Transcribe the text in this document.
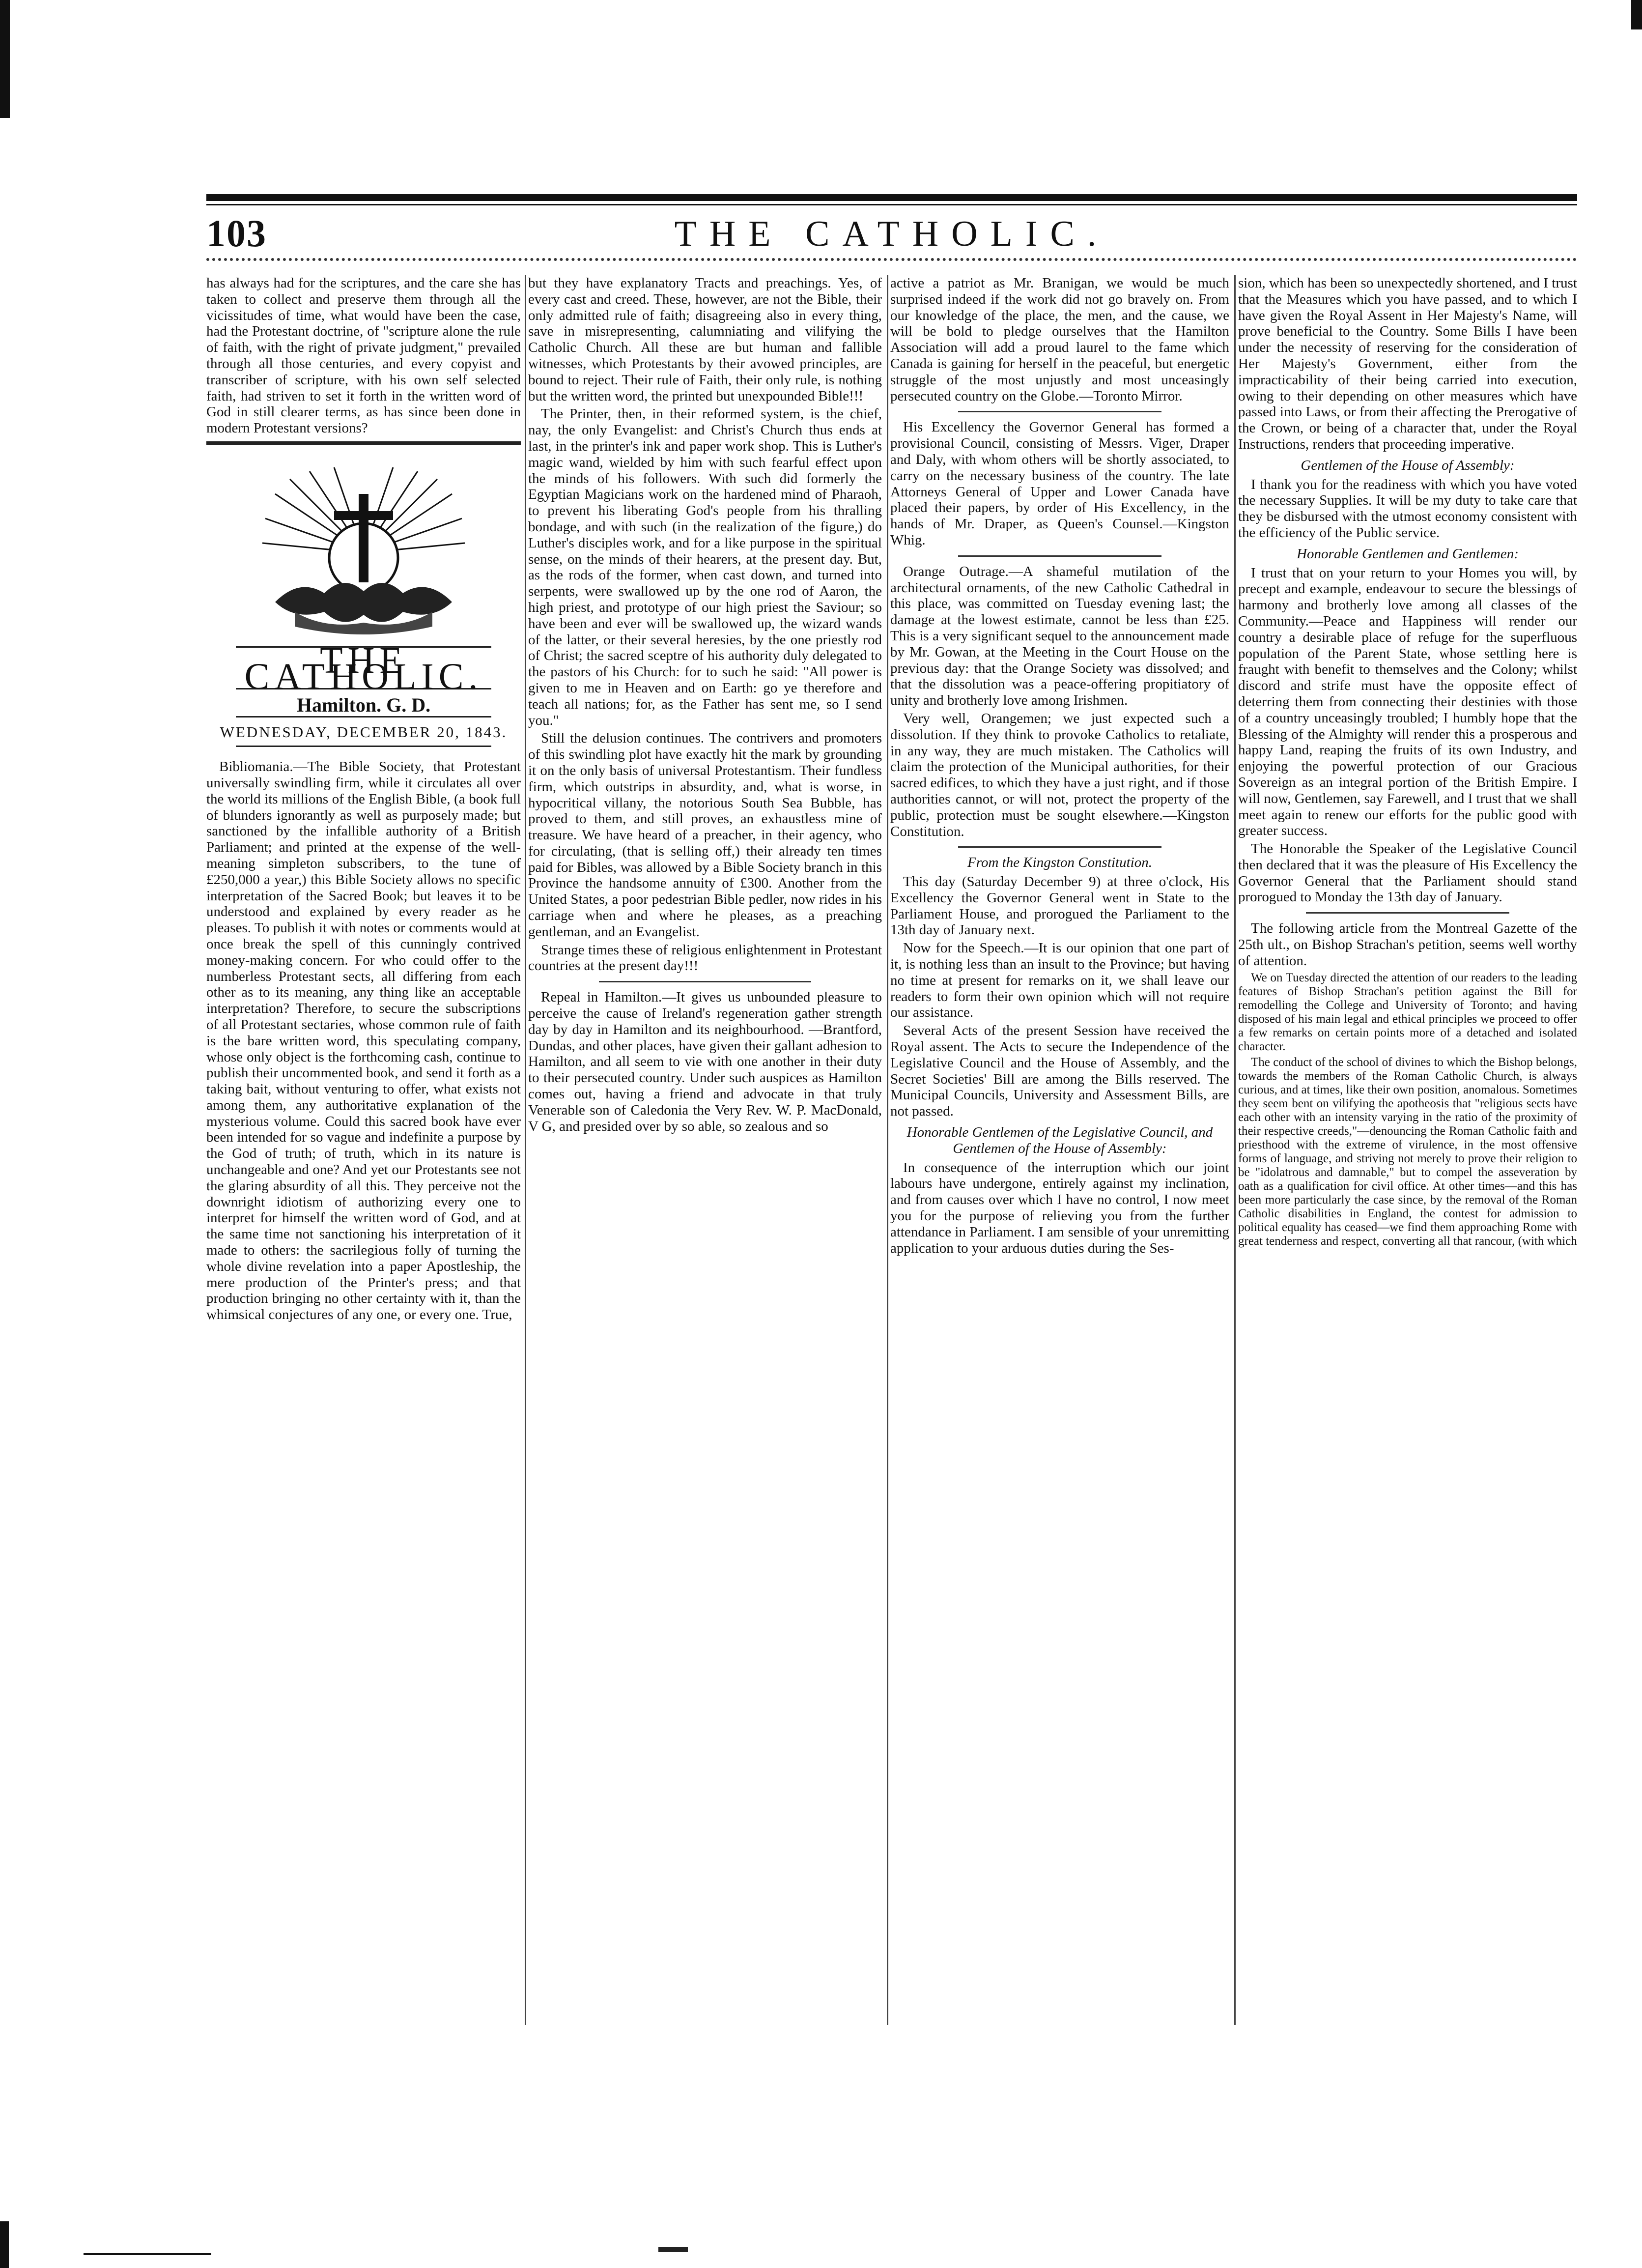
103	THE CATHOLIC.

has always had for the scriptures, and the care she has taken to collect and preserve them through all the vicissitudes of time, what would have been the case, had the Protestant doctrine, of "scripture alone the rule of faith, with the right of private judgment," prevailed through all those centuries, and every copyist and transcriber of scripture, with his own self selected faith, had striven to set it forth in the written word of God in still clearer terms, as has since been done in modern Protestant versions?

THE CATHOLIC.
Hamilton. G. D.
WEDNESDAY, DECEMBER 20, 1843.

Bibliomania.—The Bible Society, that Protestant universally swindling firm, while it circulates all over the world its millions of the English Bible, (a book full of blunders ignorantly as well as purposely made; but sanctioned by the infallible authority of a British Parliament; and printed at the expense of the well-meaning simpleton subscribers, to the tune of £250,000 a year,) this Bible Society allows no specific interpretation of the Sacred Book; but leaves it to be understood and explained by every reader as he pleases. To publish it with notes or comments would at once break the spell of this cunningly contrived money-making concern. For who could offer to the numberless Protestant sects, all differing from each other as to its meaning, any thing like an acceptable interpretation? Therefore, to secure the subscriptions of all Protestant sectaries, whose common rule of faith is the bare written word, this speculating company, whose only object is the forthcoming cash, continue to publish their uncommented book, and send it forth as a taking bait, without venturing to offer, what exists not among them, any authoritative explanation of the mysterious volume. Could this sacred book have ever been intended for so vague and indefinite a purpose by the God of truth; of truth, which in its nature is unchangeable and one? And yet our Protestants see not the glaring absurdity of all this. They perceive not the downright idiotism of authorizing every one to interpret for himself the written word of God, and at the same time not sanctioning his interpretation of it made to others: the sacrilegious folly of turning the whole divine revelation into a paper Apostleship, the mere production of the Printer's press; and that production bringing no other certainty with it, than the whimsical conjectures of any one, or every one. True,

but they have explanatory Tracts and preachings. Yes, of every cast and creed. These, however, are not the Bible, their only admitted rule of faith; disagreeing also in every thing, save in misrepresenting, calumniating and vilifying the Catholic Church. All these are but human and fallible witnesses, which Protestants by their avowed principles, are bound to reject. Their rule of Faith, their only rule, is nothing but the written word, the printed but unexpounded Bible!!!

The Printer, then, in their reformed system, is the chief, nay, the only Evangelist: and Christ's Church thus ends at last, in the printer's ink and paper work shop. This is Luther's magic wand, wielded by him with such fearful effect upon the minds of his followers. With such did formerly the Egyptian Magicians work on the hardened mind of Pharaoh, to prevent his liberating God's people from his thralling bondage, and with such (in the realization of the figure,) do Luther's disciples work, and for a like purpose in the spiritual sense, on the minds of their hearers, at the present day. But, as the rods of the former, when cast down, and turned into serpents, were swallowed up by the one rod of Aaron, the high priest, and prototype of our high priest the Saviour; so have been and ever will be swallowed up, the wizard wands of the latter, or their several heresies, by the one priestly rod of Christ; the sacred sceptre of his authority duly delegated to the pastors of his Church: for to such he said: "All power is given to me in Heaven and on Earth: go ye therefore and teach all nations; for, as the Father has sent me, so I send you."

Still the delusion continues. The contrivers and promoters of this swindling plot have exactly hit the mark by grounding it on the only basis of universal Protestantism. Their fundless firm, which outstrips in absurdity, and, what is worse, in hypocritical villany, the notorious South Sea Bubble, has proved to them, and still proves, an exhaustless mine of treasure. We have heard of a preacher, in their agency, who for circulating, (that is selling off,) their already ten times paid for Bibles, was allowed by a Bible Society branch in this Province the handsome annuity of £300. Another from the United States, a poor pedestrian Bible pedler, now rides in his carriage when and where he pleases, as a preaching gentleman, and an Evangelist.

Strange times these of religious enlightenment in Protestant countries at the present day!!!

Repeal in Hamilton.—It gives us unbounded pleasure to perceive the cause of Ireland's regeneration gather strength day by day in Hamilton and its neighbourhood. —Brantford, Dundas, and other places, have given their gallant adhesion to Hamilton, and all seem to vie with one another in their duty to their persecuted country. Under such auspices as Hamilton comes out, having a friend and advocate in that truly Venerable son of Caledonia the Very Rev. W. P. MacDonald, V G, and presided over by so able, so zealous and so

active a patriot as Mr. Branigan, we would be much surprised indeed if the work did not go bravely on. From our knowledge of the place, the men, and the cause, we will be bold to pledge ourselves that the Hamilton Association will add a proud laurel to the fame which Canada is gaining for herself in the peaceful, but energetic struggle of the most unjustly and most unceasingly persecuted country on the Globe.—Toronto Mirror.

His Excellency the Governor General has formed a provisional Council, consisting of Messrs. Viger, Draper and Daly, with whom others will be shortly associated, to carry on the necessary business of the country. The late Attorneys General of Upper and Lower Canada have placed their papers, by order of His Excellency, in the hands of Mr. Draper, as Queen's Counsel.—Kingston Whig.

Orange Outrage.—A shameful mutilation of the architectural ornaments, of the new Catholic Cathedral in this place, was committed on Tuesday evening last; the damage at the lowest estimate, cannot be less than £25. This is a very significant sequel to the announcement made by Mr. Gowan, at the Meeting in the Court House on the previous day: that the Orange Society was dissolved; and that the dissolution was a peace-offering propitiatory of unity and brotherly love among Irishmen.

Very well, Orangemen; we just expected such a dissolution. If they think to provoke Catholics to retaliate, in any way, they are much mistaken. The Catholics will claim the protection of the Municipal authorities, for their sacred edifices, to which they have a just right, and if those authorities cannot, or will not, protect the property of the public, protection must be sought elsewhere.—Kingston Constitution.

From the Kingston Constitution.

This day (Saturday December 9) at three o'clock, His Excellency the Governor General went in State to the Parliament House, and prorogued the Parliament to the 13th day of January next.

Now for the Speech.—It is our opinion that one part of it, is nothing less than an insult to the Province; but having no time at present for remarks on it, we shall leave our readers to form their own opinion which will not require our assistance.

Several Acts of the present Session have received the Royal assent. The Acts to secure the Independence of the Legislative Council and the House of Assembly, and the Secret Societies' Bill are among the Bills reserved. The Municipal Councils, University and Assessment Bills, are not passed.

Honorable Gentlemen of the Legislative Council, and Gentlemen of the House of Assembly:

In consequence of the interruption which our joint labours have undergone, entirely against my inclination, and from causes over which I have no control, I now meet you for the purpose of relieving you from the further attendance in Parliament. I am sensible of your unremitting application to your arduous duties during the Ses-

sion, which has been so unexpectedly shortened, and I trust that the Measures which you have passed, and to which I have given the Royal Assent in Her Majesty's Name, will prove beneficial to the Country. Some Bills I have been under the necessity of reserving for the consideration of Her Majesty's Government, either from the impracticability of their being carried into execution, owing to their depending on other measures which have passed into Laws, or from their affecting the Prerogative of the Crown, or being of a character that, under the Royal Instructions, renders that proceeding imperative.

Gentlemen of the House of Assembly:

I thank you for the readiness with which you have voted the necessary Supplies. It will be my duty to take care that they be disbursed with the utmost economy consistent with the efficiency of the Public service.

Honorable Gentlemen and Gentlemen:

I trust that on your return to your Homes you will, by precept and example, endeavour to secure the blessings of harmony and brotherly love among all classes of the Community.—Peace and Happiness will render our country a desirable place of refuge for the superfluous population of the Parent State, whose settling here is fraught with benefit to themselves and the Colony; whilst discord and strife must have the opposite effect of deterring them from connecting their destinies with those of a country unceasingly troubled; I humbly hope that the Blessing of the Almighty will render this a prosperous and happy Land, reaping the fruits of its own Industry, and enjoying the powerful protection of our Gracious Sovereign as an integral portion of the British Empire. I will now, Gentlemen, say Farewell, and I trust that we shall meet again to renew our efforts for the public good with greater success.

The Honorable the Speaker of the Legislative Council then declared that it was the pleasure of His Excellency the Governor General that the Parliament should stand prorogued to Monday the 13th day of January.

The following article from the Montreal Gazette of the 25th ult., on Bishop Strachan's petition, seems well worthy of attention.

We on Tuesday directed the attention of our readers to the leading features of Bishop Strachan's petition against the Bill for remodelling the College and University of Toronto; and having disposed of his main legal and ethical principles we proceed to offer a few remarks on certain points more of a detached and isolated character.

The conduct of the school of divines to which the Bishop belongs, towards the members of the Roman Catholic Church, is always curious, and at times, like their own position, anomalous. Sometimes they seem bent on vilifying the apotheosis that "religious sects have each other with an intensity varying in the ratio of the proximity of their respective creeds,"—denouncing the Roman Catholic faith and priesthood with the extreme of virulence, in the most offensive forms of language, and striving not merely to prove their religion to be "idolatrous and damnable," but to compel the asseveration by oath as a qualification for civil office. At other times—and this has been more particularly the case since, by the removal of the Roman Catholic disabilities in England, the contest for admission to political equality has ceased—we find them approaching Rome with great tenderness and respect, converting all that rancour, (with which
